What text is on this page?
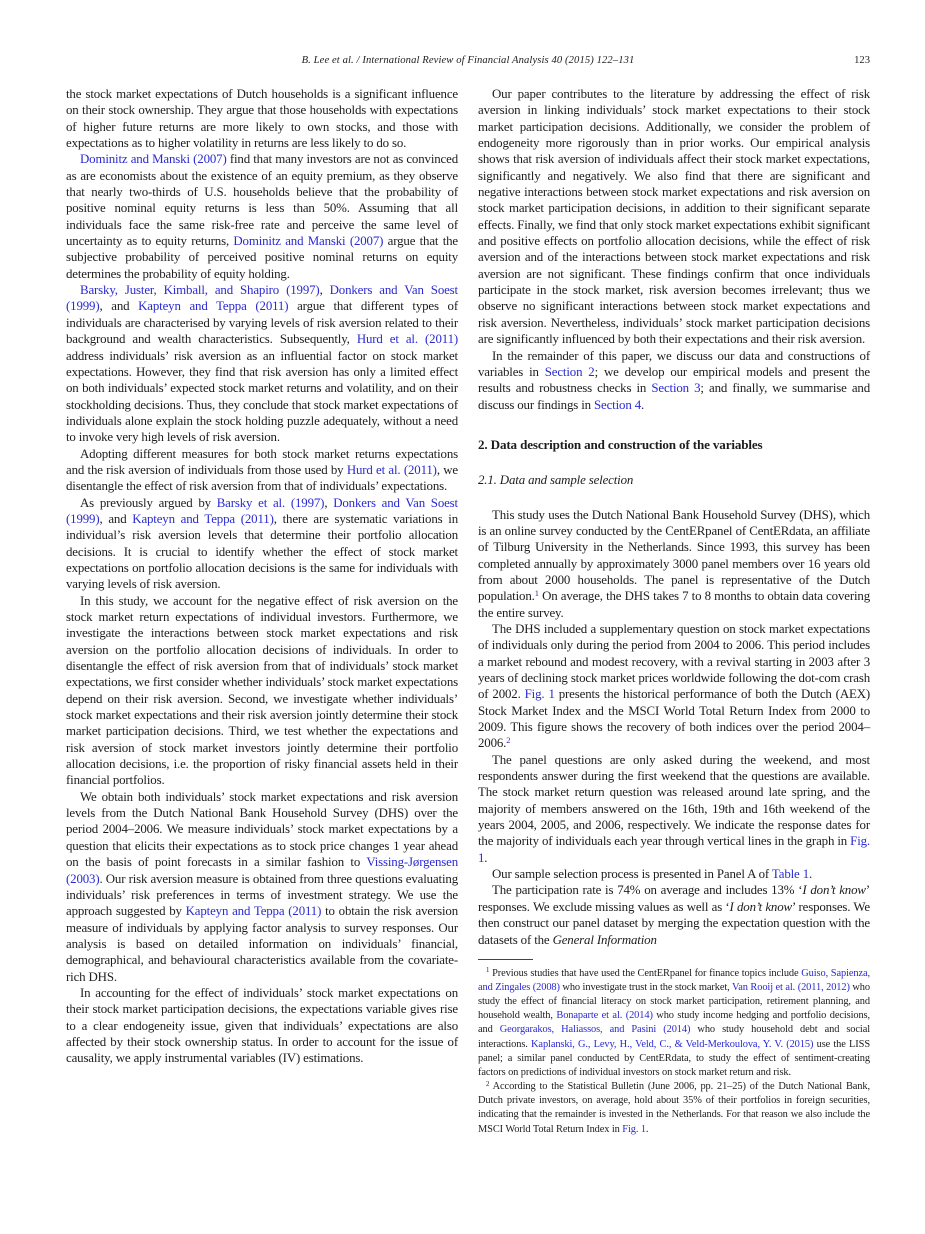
B. Lee et al. / International Review of Financial Analysis 40 (2015) 122–131	123
the stock market expectations of Dutch households is a significant influence on their stock ownership. They argue that those households with expectations of higher future returns are more likely to own stocks, and those with expectations as to higher volatility in returns are less likely to do so.
Dominitz and Manski (2007) find that many investors are not as convinced as are economists about the existence of an equity premium, as they observe that nearly two-thirds of U.S. households believe that the probability of positive nominal equity returns is less than 50%. Assuming that all individuals face the same risk-free rate and perceive the same level of uncertainty as to equity returns, Dominitz and Manski (2007) argue that the subjective probability of perceived positive nominal returns on equity determines the probability of equity holding.
Barsky, Juster, Kimball, and Shapiro (1997), Donkers and Van Soest (1999), and Kapteyn and Teppa (2011) argue that different types of individuals are characterised by varying levels of risk aversion related to their background and wealth characteristics. Subsequently, Hurd et al. (2011) address individuals’ risk aversion as an influential factor on stock market expectations. However, they find that risk aversion has only a limited effect on both individuals’ expected stock market returns and volatility, and on their stockholding decisions. Thus, they conclude that stock market expectations of individuals alone explain the stock holding puzzle adequately, without a need to invoke very high levels of risk aversion.
Adopting different measures for both stock market returns expectations and the risk aversion of individuals from those used by Hurd et al. (2011), we disentangle the effect of risk aversion from that of individuals’ expectations.
As previously argued by Barsky et al. (1997), Donkers and Van Soest (1999), and Kapteyn and Teppa (2011), there are systematic variations in individual’s risk aversion levels that determine their portfolio allocation decisions. It is crucial to identify whether the effect of stock market expectations on portfolio allocation decisions is the same for individuals with varying levels of risk aversion.
In this study, we account for the negative effect of risk aversion on the stock market return expectations of individual investors. Furthermore, we investigate the interactions between stock market expectations and risk aversion on the portfolio allocation decisions of individuals. In order to disentangle the effect of risk aversion from that of individuals’ stock market expectations, we first consider whether individuals’ stock market expectations depend on their risk aversion. Second, we investigate whether individuals’ stock market expectations and their risk aversion jointly determine their stock market participation decisions. Third, we test whether the expectations and risk aversion of stock market investors jointly determine their portfolio allocation decisions, i.e. the proportion of risky financial assets held in their financial portfolios.
We obtain both individuals’ stock market expectations and risk aversion levels from the Dutch National Bank Household Survey (DHS) over the period 2004–2006. We measure individuals’ stock market expectations by a question that elicits their expectations as to stock price changes 1 year ahead on the basis of point forecasts in a similar fashion to Vissing-Jørgensen (2003). Our risk aversion measure is obtained from three questions evaluating individuals’ risk preferences in terms of investment strategy. We use the approach suggested by Kapteyn and Teppa (2011) to obtain the risk aversion measure of individuals by applying factor analysis to survey responses. Our analysis is based on detailed information on individuals’ financial, demographical, and behavioural characteristics available from the covariate-rich DHS.
In accounting for the effect of individuals’ stock market expectations on their stock market participation decisions, the expectations variable gives rise to a clear endogeneity issue, given that individuals’ expectations are also affected by their stock ownership status. In order to account for the issue of causality, we apply instrumental variables (IV) estimations.
Our paper contributes to the literature by addressing the effect of risk aversion in linking individuals’ stock market expectations to their stock market participation decisions. Additionally, we consider the problem of endogeneity more rigorously than in prior works. Our empirical analysis shows that risk aversion of individuals affect their stock market expectations, significantly and negatively. We also find that there are significant and negative interactions between stock market expectations and risk aversion on stock market participation decisions, in addition to their significant separate effects. Finally, we find that only stock market expectations exhibit significant and positive effects on portfolio allocation decisions, while the effect of risk aversion and of the interactions between stock market expectations and risk aversion are not significant. These findings confirm that once individuals participate in the stock market, risk aversion becomes irrelevant; thus we observe no significant interactions between stock market expectations and risk aversion. Nevertheless, individuals’ stock market participation decisions are significantly influenced by both their expectations and their risk aversion.
In the remainder of this paper, we discuss our data and constructions of variables in Section 2; we develop our empirical models and present the results and robustness checks in Section 3; and finally, we summarise and discuss our findings in Section 4.
2. Data description and construction of the variables
2.1. Data and sample selection
This study uses the Dutch National Bank Household Survey (DHS), which is an online survey conducted by the CentERpanel of CentERdata, an affiliate of Tilburg University in the Netherlands. Since 1993, this survey has been completed annually by approximately 3000 panel members over 16 years old from about 2000 households. The panel is representative of the Dutch population.$^1$ On average, the DHS takes 7 to 8 months to obtain data covering the entire survey.
The DHS included a supplementary question on stock market expectations of individuals only during the period from 2004 to 2006. This period includes a market rebound and modest recovery, with a revival starting in 2003 after 3 years of declining stock market prices worldwide following the dot-com crash of 2002. Fig. 1 presents the historical performance of both the Dutch (AEX) Stock Market Index and the MSCI World Total Return Index from 2000 to 2009. This figure shows the recovery of both indices over the period 2004–2006.$^2$
The panel questions are only asked during the weekend, and most respondents answer during the first weekend that the questions are available. The stock market return question was released around late spring, and the majority of members answered on the 16th, 19th and 16th weekend of the years 2004, 2005, and 2006, respectively. We indicate the response dates for the majority of individuals each year through vertical lines in the graph in Fig. 1.
Our sample selection process is presented in Panel A of Table 1.
The participation rate is 74% on average and includes 13% ‘I don’t know’ responses. We exclude missing values as well as ‘I don’t know’ responses. We then construct our panel dataset by merging the expectation question with the datasets of the General Information
$^1$ Previous studies that have used the CentERpanel for finance topics include Guiso, Sapienza, and Zingales (2008) who investigate trust in the stock market, Van Rooij et al. (2011, 2012) who study the effect of financial literacy on stock market participation, retirement planning, and household wealth, Bonaparte et al. (2014) who study income hedging and portfolio decisions, and Georgarakos, Haliassos, and Pasini (2014) who study household debt and social interactions. Kaplanski, G., Levy, H., Veld, C., & Veld-Merkoulova, Y. V. (2015) use the LISS panel; a similar panel conducted by CentERdata, to study the effect of sentiment-creating factors on predictions of individual investors on stock market return and risk.
$^2$ According to the Statistical Bulletin (June 2006, pp. 21–25) of the Dutch National Bank, Dutch private investors, on average, hold about 35% of their portfolios in foreign securities, indicating that the remainder is invested in the Netherlands. For that reason we also include the MSCI World Total Return Index in Fig. 1.
